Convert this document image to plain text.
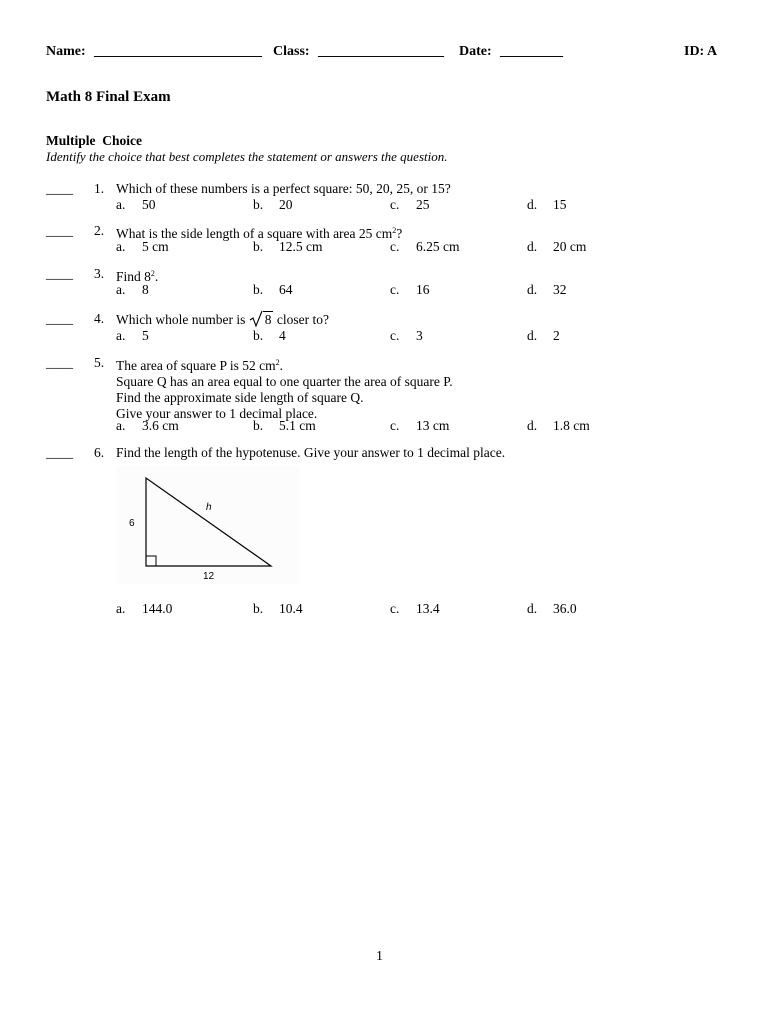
Name: ________________________ Class: __________________ Date: _________	ID: A
Math 8 Final Exam
Multiple  Choice
Identify the choice that best completes the statement or answers the question.
____ 1. Which of these numbers is a perfect square: 50, 20, 25, or 15?
a. 50	b. 20	c. 25	d. 15
____ 2. What is the side length of a square with area 25 $cm^2$?
a. 5 cm	b. 12.5 cm	c. 6.25 cm	d. 20 cm
____ 3. Find $8^2$.
a. 8	b. 64	c. 16	d. 32
____ 4. Which whole number is 8 closer to?
a. 5	b. 4	c. 3	d. 2
____ 5. The area of square P is 52 $cm^2$.
Square Q has an area equal to one quarter the area of square P.
Find the approximate side length of square Q.
Give your answer to 1 decimal place.
a. 3.6 cm	b. 5.1 cm	c. 13 cm	d. 1.8 cm
____ 6. Find the length of the hypotenuse. Give your answer to 1 decimal place.
a. 144.0	b. 10.4	c. 13.4	d. 36.0
6
12
h
1
